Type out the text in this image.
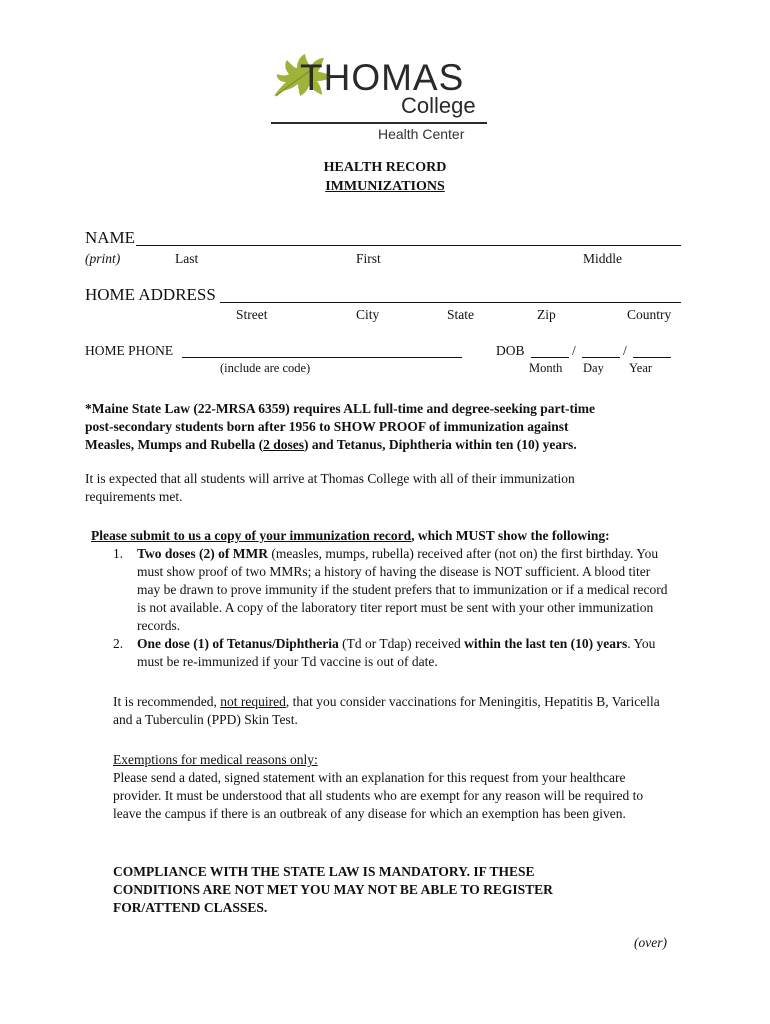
THOMAS
College
Health Center
HEALTH RECORD
IMMUNIZATIONS
NAME
(print)	Last	First	Middle
HOME ADDRESS
Street	City	State	Zip	Country
HOME PHONE
(include are code)
DOB	/	/
Month Day Year
*Maine State Law (22-MRSA 6359) requires ALL full-time and degree-seeking part-time
post-secondary students born after 1956 to SHOW PROOF of immunization against
Measles, Mumps and Rubella (2 doses) and Tetanus, Diphtheria within ten (10) years.
It is expected that all students will arrive at Thomas College with all of their immunization
requirements met.
Please submit to us a copy of your immunization record, which MUST show the following:
1. Two doses (2) of MMR (measles, mumps, rubella) received after (not on) the first birthday. You must show proof of two MMRs; a history of having the disease is NOT sufficient. A blood titer may be drawn to prove immunity if the student prefers that to immunization or if a medical record is not available. A copy of the laboratory titer report must be sent with your other immunization records.
2. One dose (1) of Tetanus/Diphtheria (Td or Tdap) received within the last ten (10) years. You must be re-immunized if your Td vaccine is out of date.

It is recommended, not required, that you consider vaccinations for Meningitis, Hepatitis B, Varicella and a Tuberculin (PPD) Skin Test.

Exemptions for medical reasons only:

Please send a dated, signed statement with an explanation for this request from your healthcare provider. It must be understood that all students who are exempt for any reason will be required to leave the campus if there is an outbreak of any disease for which an exemption has been given.

COMPLIANCE WITH THE STATE LAW IS MANDATORY. IF THESE
CONDITIONS ARE NOT MET YOU MAY NOT BE ABLE TO REGISTER
FOR/ATTEND CLASSES.
(over)
